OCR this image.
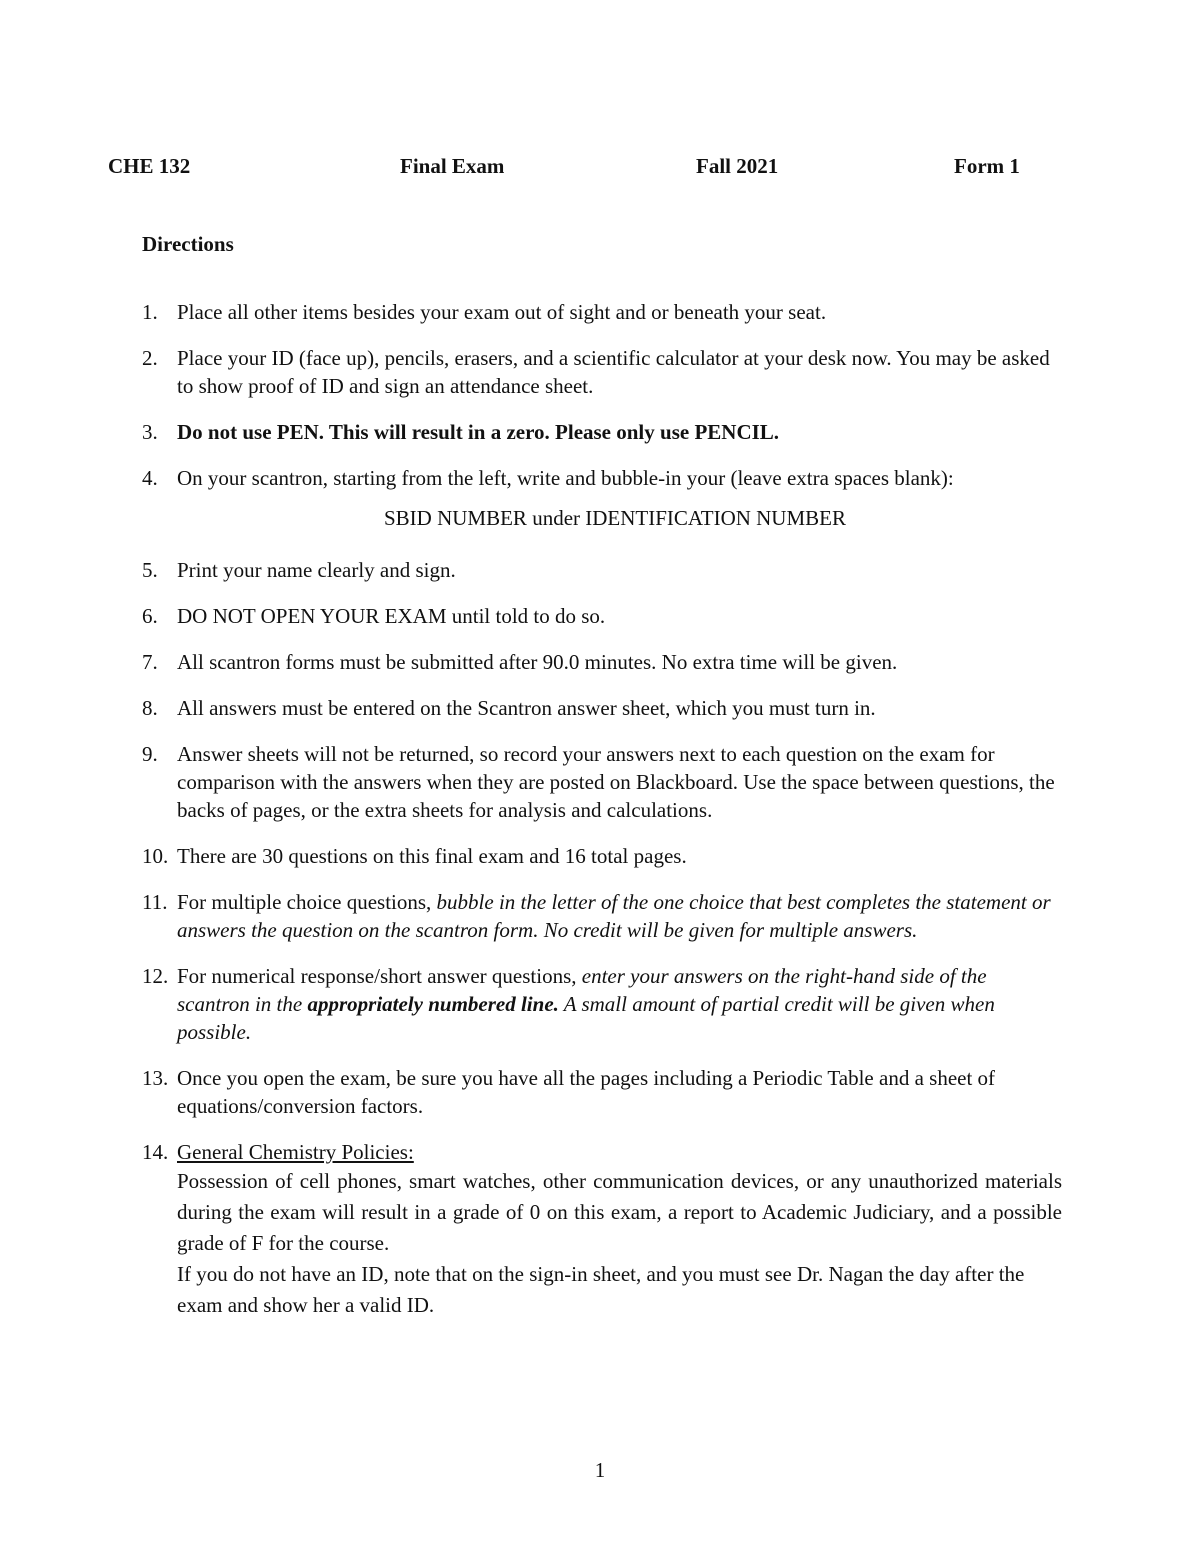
CHE 132	Final Exam	Fall 2021	Form 1
Directions
1. Place all other items besides your exam out of sight and or beneath your seat.
2. Place your ID (face up), pencils, erasers, and a scientific calculator at your desk now. You may be asked to show proof of ID and sign an attendance sheet.
3. Do not use PEN. This will result in a zero. Please only use PENCIL.
4. On your scantron, starting from the left, write and bubble-in your (leave extra spaces blank):
SBID NUMBER under IDENTIFICATION NUMBER
5. Print your name clearly and sign.
6. DO NOT OPEN YOUR EXAM until told to do so.
7. All scantron forms must be submitted after 90.0 minutes. No extra time will be given.
8. All answers must be entered on the Scantron answer sheet, which you must turn in.
9. Answer sheets will not be returned, so record your answers next to each question on the exam for comparison with the answers when they are posted on Blackboard. Use the space between questions, the backs of pages, or the extra sheets for analysis and calculations.
10. There are 30 questions on this final exam and 16 total pages.
11. For multiple choice questions, bubble in the letter of the one choice that best completes the statement or answers the question on the scantron form. No credit will be given for multiple answers.
12. For numerical response/short answer questions, enter your answers on the right-hand side of the scantron in the appropriately numbered line. A small amount of partial credit will be given when possible.
13. Once you open the exam, be sure you have all the pages including a Periodic Table and a sheet of equations/conversion factors.
14. General Chemistry Policies:
Possession of cell phones, smart watches, other communication devices, or any unauthorized materials during the exam will result in a grade of 0 on this exam, a report to Academic Judiciary, and a possible grade of F for the course.
If you do not have an ID, note that on the sign-in sheet, and you must see Dr. Nagan the day after the exam and show her a valid ID.
1
